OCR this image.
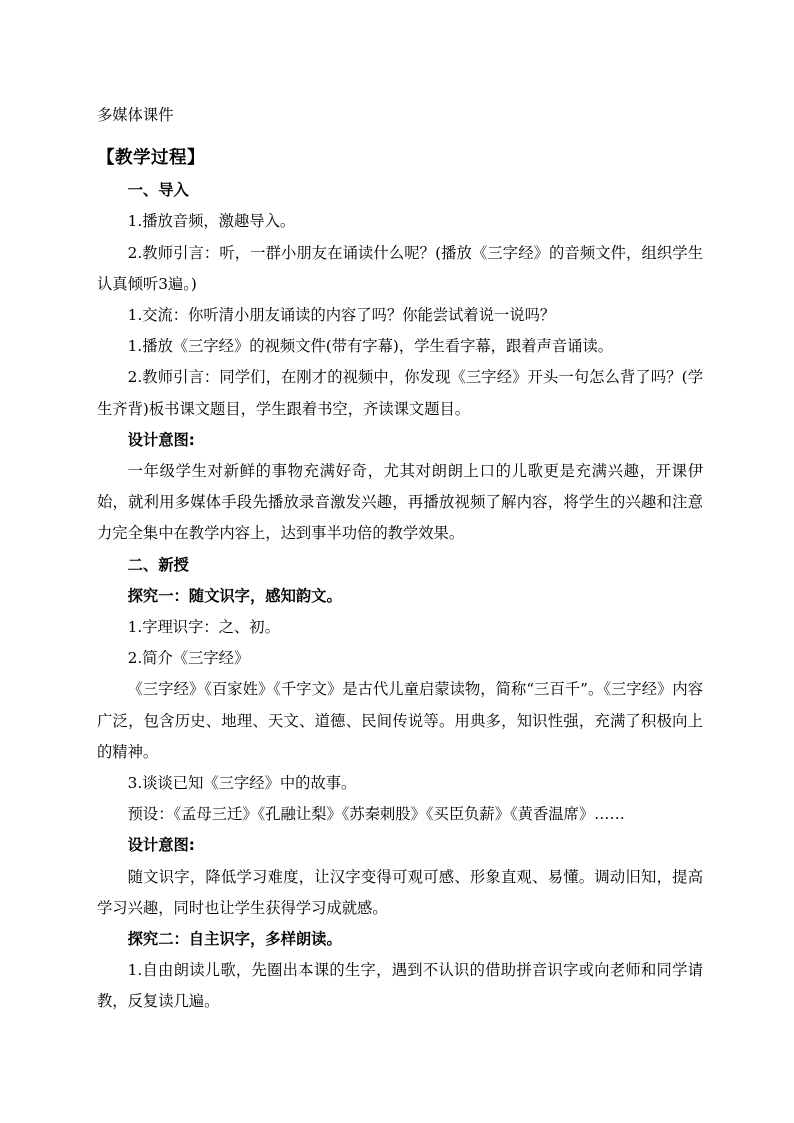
多媒体课件

【教学过程】

一、导入

1.播放音频，激趣导入。

2.教师引言：听，一群小朋友在诵读什么呢？(播放《三字经》的音频文件，组织学生认真倾听3遍。)

1.交流：你听清小朋友诵读的内容了吗？你能尝试着说一说吗？

1.播放《三字经》的视频文件(带有字幕)，学生看字幕，跟着声音诵读。

2.教师引言：同学们，在刚才的视频中，你发现《三字经》开头一句怎么背了吗？(学生齐背)板书课文题目，学生跟着书空，齐读课文题目。

设计意图:

一年级学生对新鲜的事物充满好奇，尤其对朗朗上口的儿歌更是充满兴趣，开课伊始，就利用多媒体手段先播放录音激发兴趣，再播放视频了解内容，将学生的兴趣和注意力完全集中在教学内容上，达到事半功倍的教学效果。

二、新授

探究一：随文识字，感知韵文。

1.字理识字：之、初。

2.简介《三字经》

《三字经》《百家姓》《千字文》是古代儿童启蒙读物，简称“三百千”。《三字经》内容广泛，包含历史、地理、天文、道德、民间传说等。用典多，知识性强，充满了积极向上的精神。

3.谈谈已知《三字经》中的故事。

预设：《孟母三迁》《孔融让梨》《苏秦刺股》《买臣负薪》《黄香温席》……

设计意图:

随文识字，降低学习难度，让汉字变得可观可感、形象直观、易懂。调动旧知，提高学习兴趣，同时也让学生获得学习成就感。

探究二：自主识字，多样朗读。

1.自由朗读儿歌，先圈出本课的生字，遇到不认识的借助拼音识字或向老师和同学请教，反复读几遍。
